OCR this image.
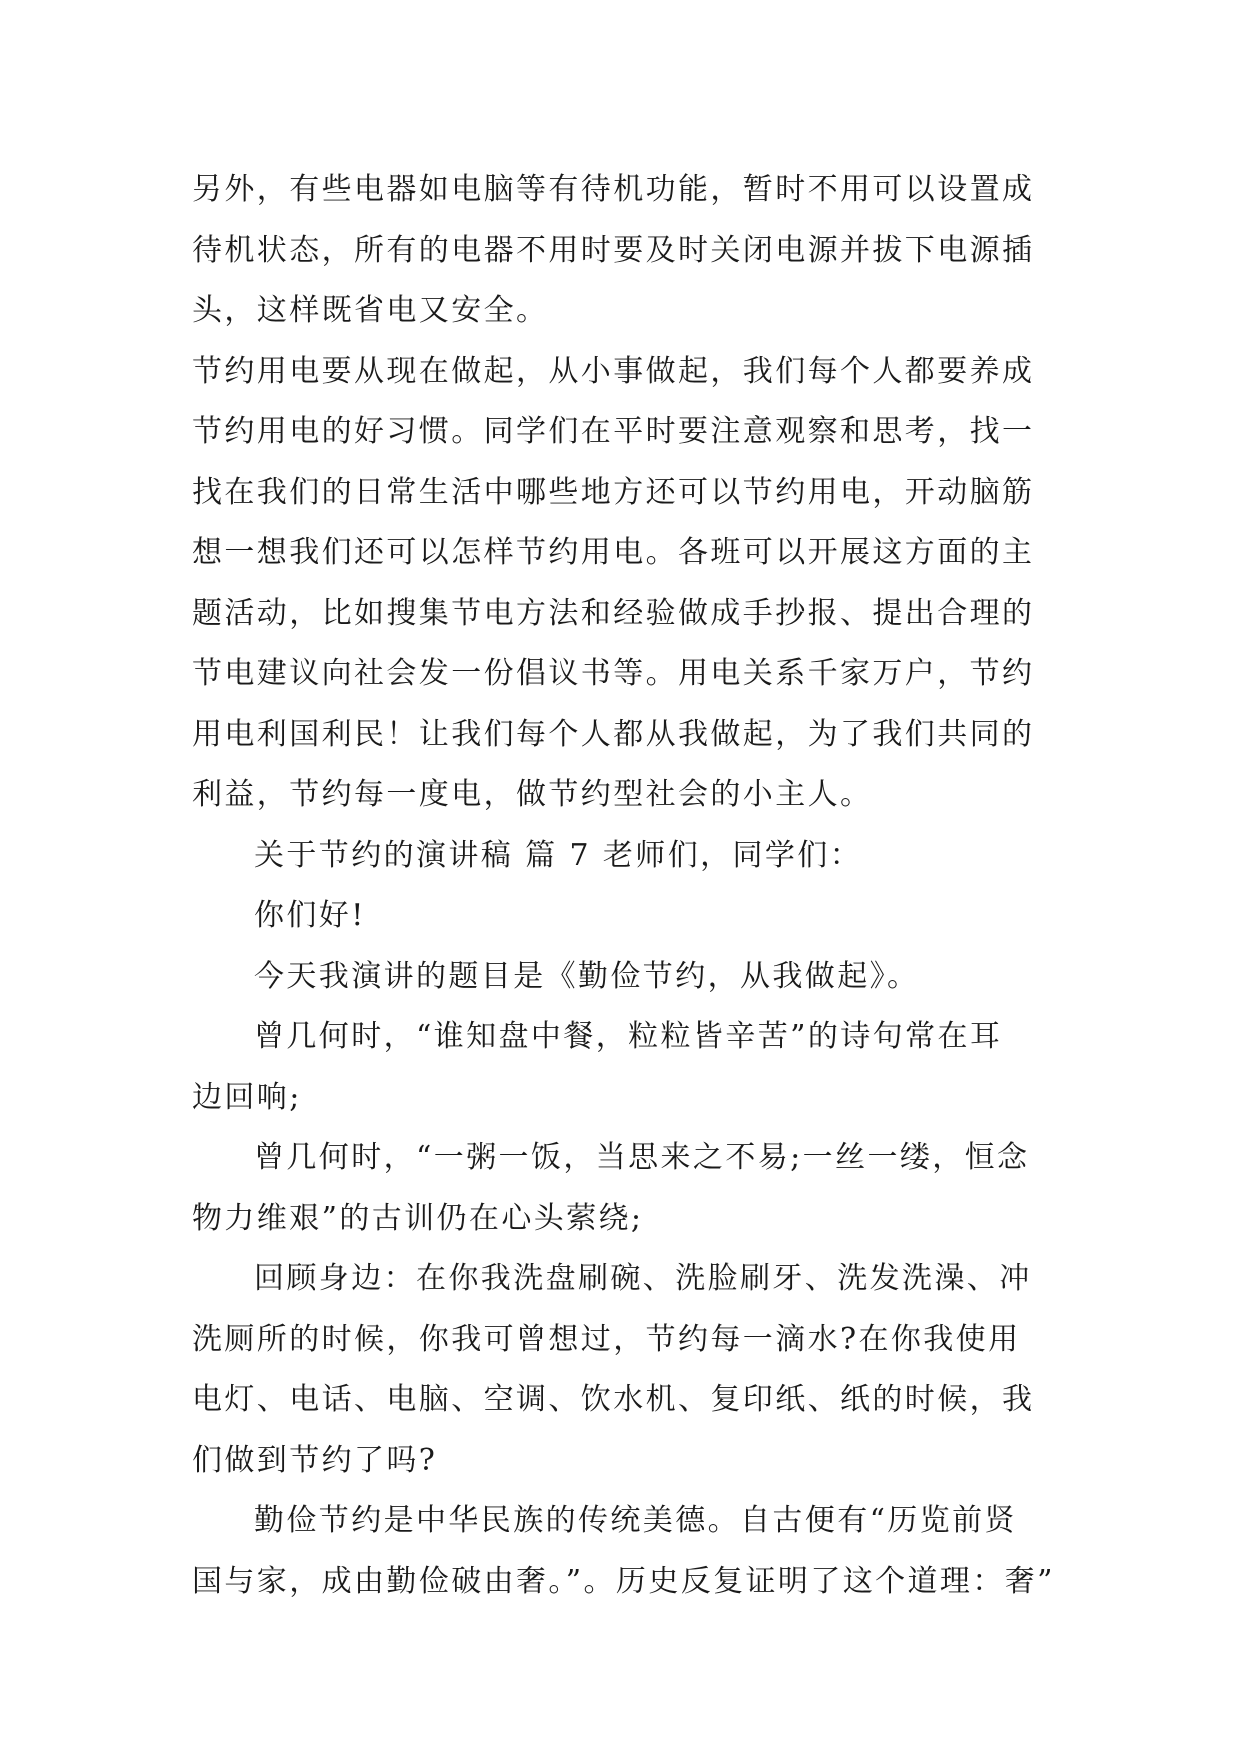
另外，有些电器如电脑等有待机功能，暂时不用可以设置成
待机状态，所有的电器不用时要及时关闭电源并拔下电源插
头，这样既省电又安全。
节约用电要从现在做起，从小事做起，我们每个人都要养成
节约用电的好习惯。同学们在平时要注意观察和思考，找一
找在我们的日常生活中哪些地方还可以节约用电，开动脑筋
想一想我们还可以怎样节约用电。各班可以开展这方面的主
题活动，比如搜集节电方法和经验做成手抄报、提出合理的
节电建议向社会发一份倡议书等。用电关系千家万户，节约
用电利国利民！让我们每个人都从我做起，为了我们共同的
利益，节约每一度电，做节约型社会的小主人。
关于节约的演讲稿 篇 7 老师们，同学们：
你们好!
今天我演讲的题目是《勤俭节约，从我做起》。
曾几何时，“谁知盘中餐，粒粒皆辛苦”的诗句常在耳
边回响;
曾几何时，“一粥一饭，当思来之不易;一丝一缕，恒念
物力维艰”的古训仍在心头萦绕;
回顾身边：在你我洗盘刷碗、洗脸刷牙、洗发洗澡、冲
洗厕所的时候，你我可曾想过，节约每一滴水?在你我使用
电灯、电话、电脑、空调、饮水机、复印纸、纸的时候，我
们做到节约了吗?
勤俭节约是中华民族的传统美德。自古便有“历览前贤
国与家，成由勤俭破由奢。”。历史反复证明了这个道理：奢”
